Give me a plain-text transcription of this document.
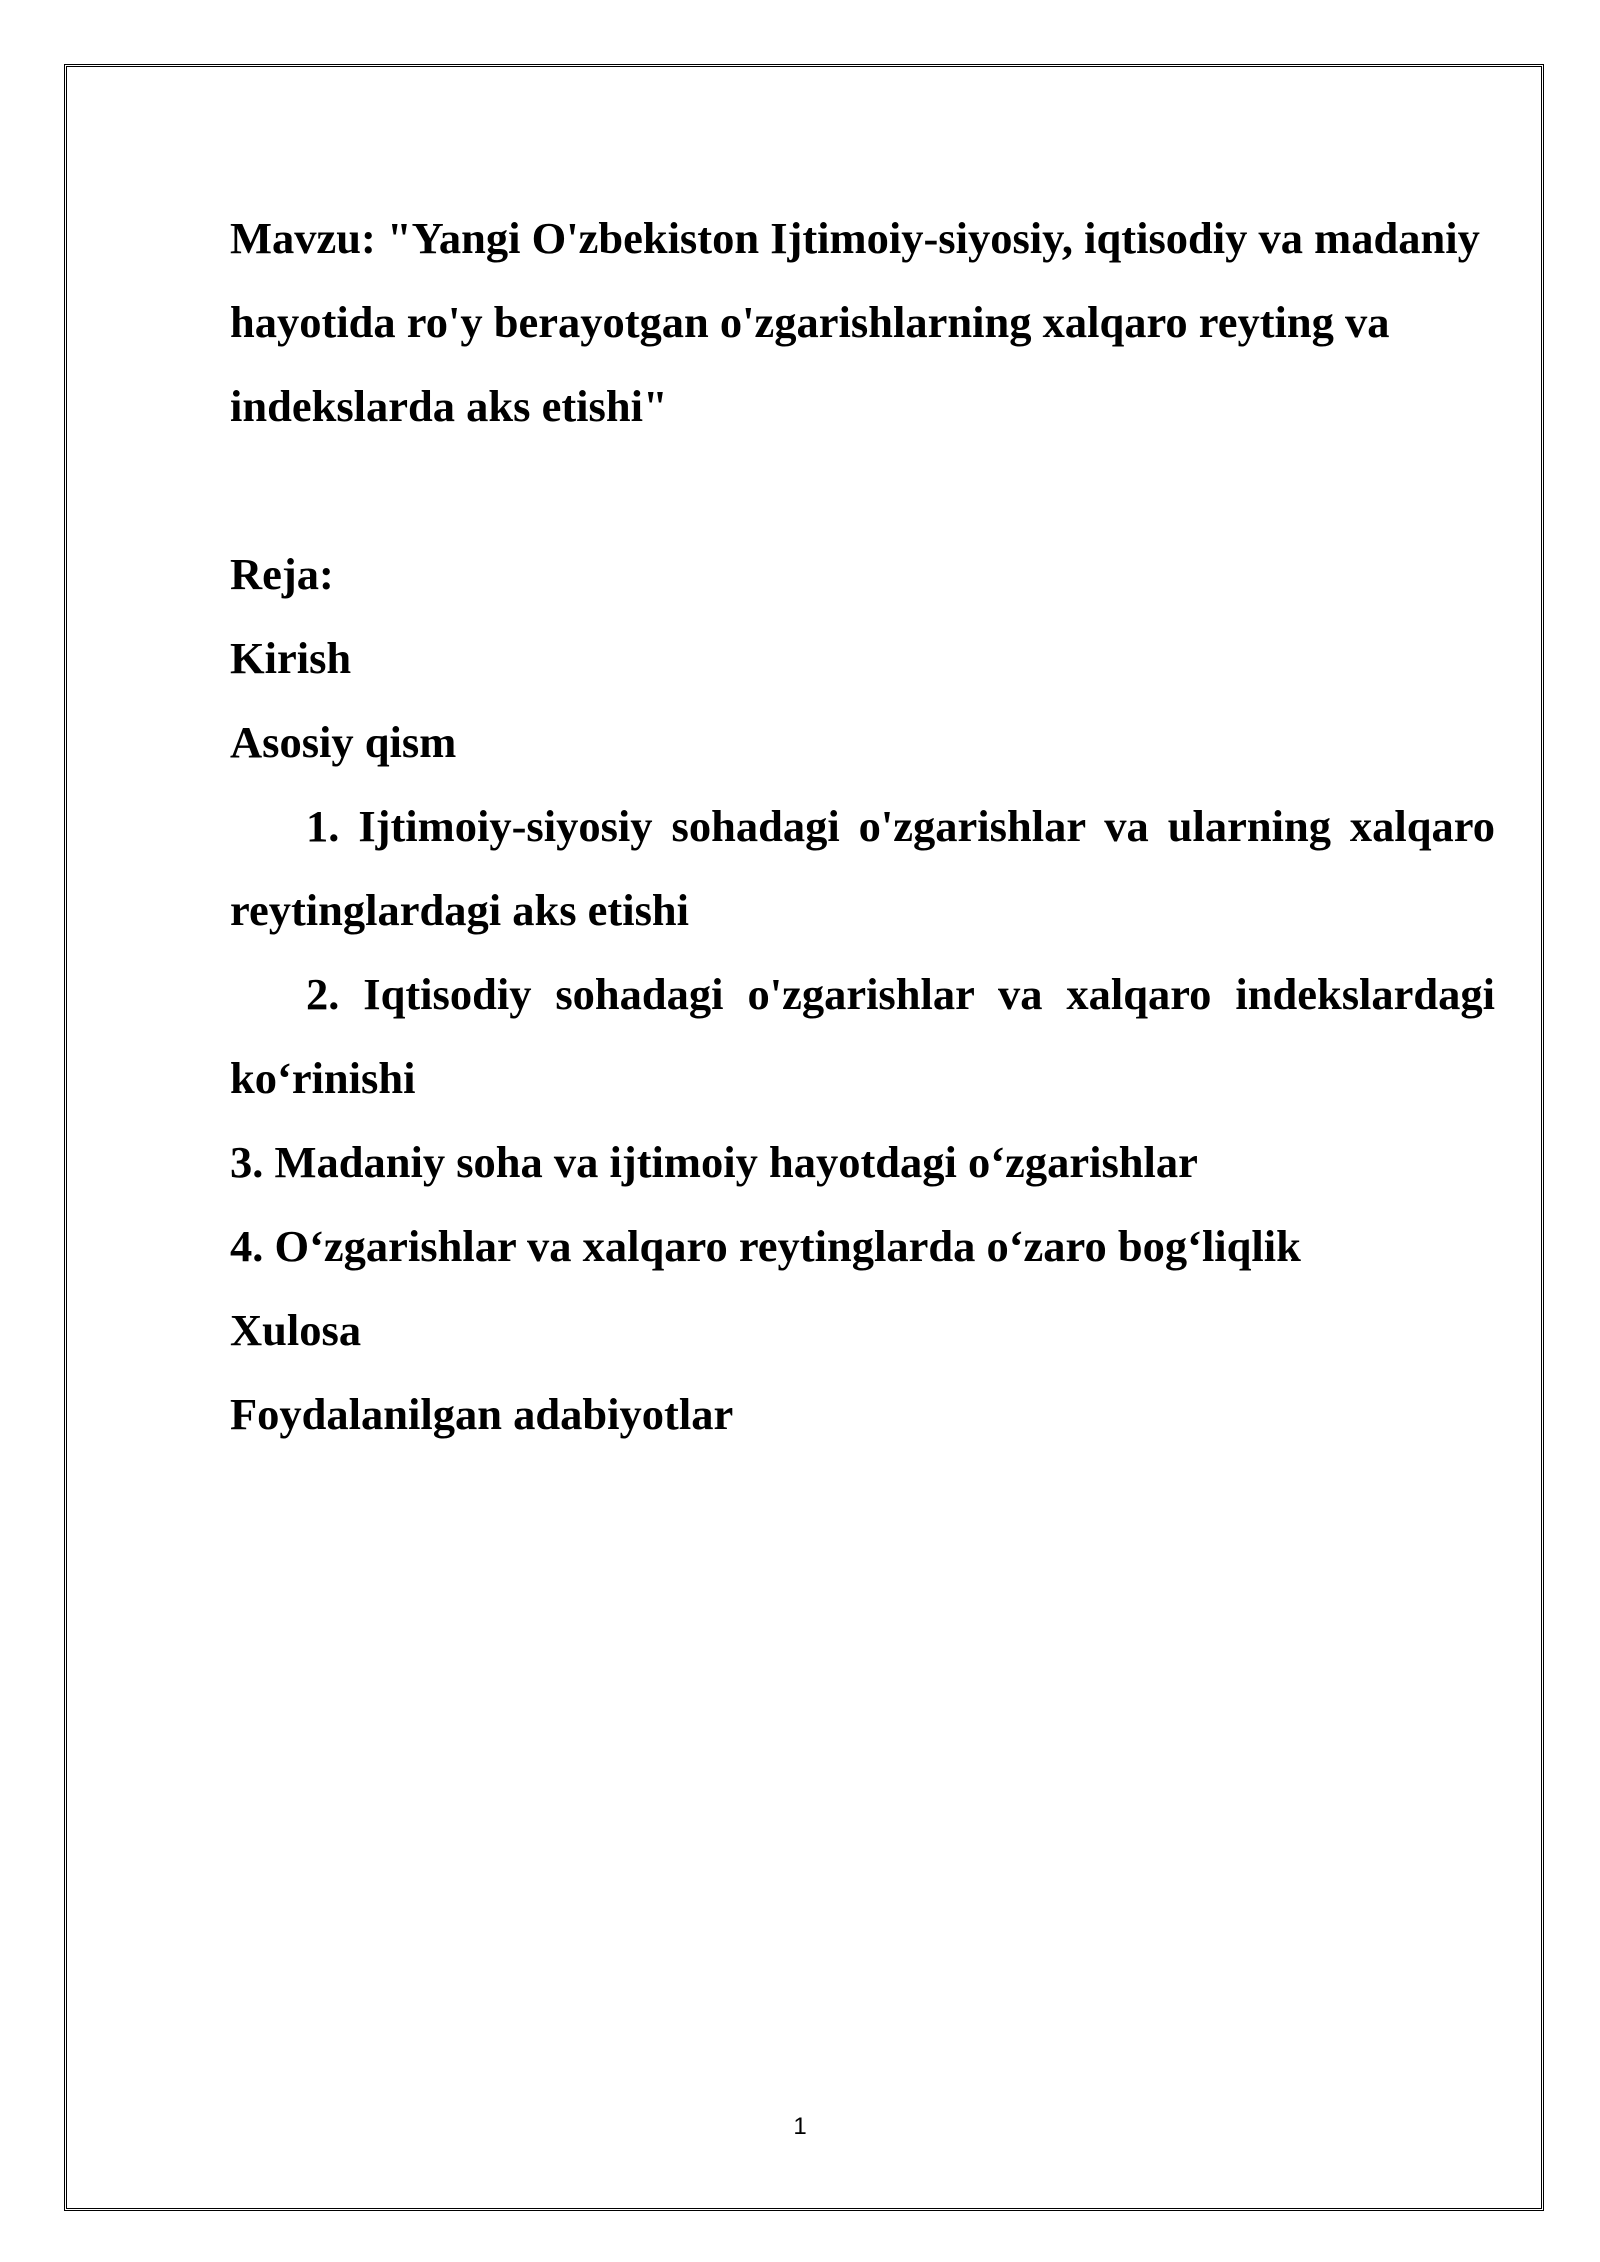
Mavzu: "Yangi O'zbekiston Ijtimoiy-siyosiy, iqtisodiy va madaniy hayotida ro'y berayotgan o'zgarishlarning xalqaro reyting va indekslarda aks etishi"

Reja:

Kirish

Asosiy qism

1. Ijtimoiy-siyosiy sohadagi o'zgarishlar va ularning xalqaro reytinglardagi aks etishi

2. Iqtisodiy sohadagi o'zgarishlar va xalqaro indekslardagi ko‘rinishi

3. Madaniy soha va ijtimoiy hayotdagi o‘zgarishlar

4. O‘zgarishlar va xalqaro reytinglarda o‘zaro bog‘liqlik

Xulosa

Foydalanilgan adabiyotlar

1
